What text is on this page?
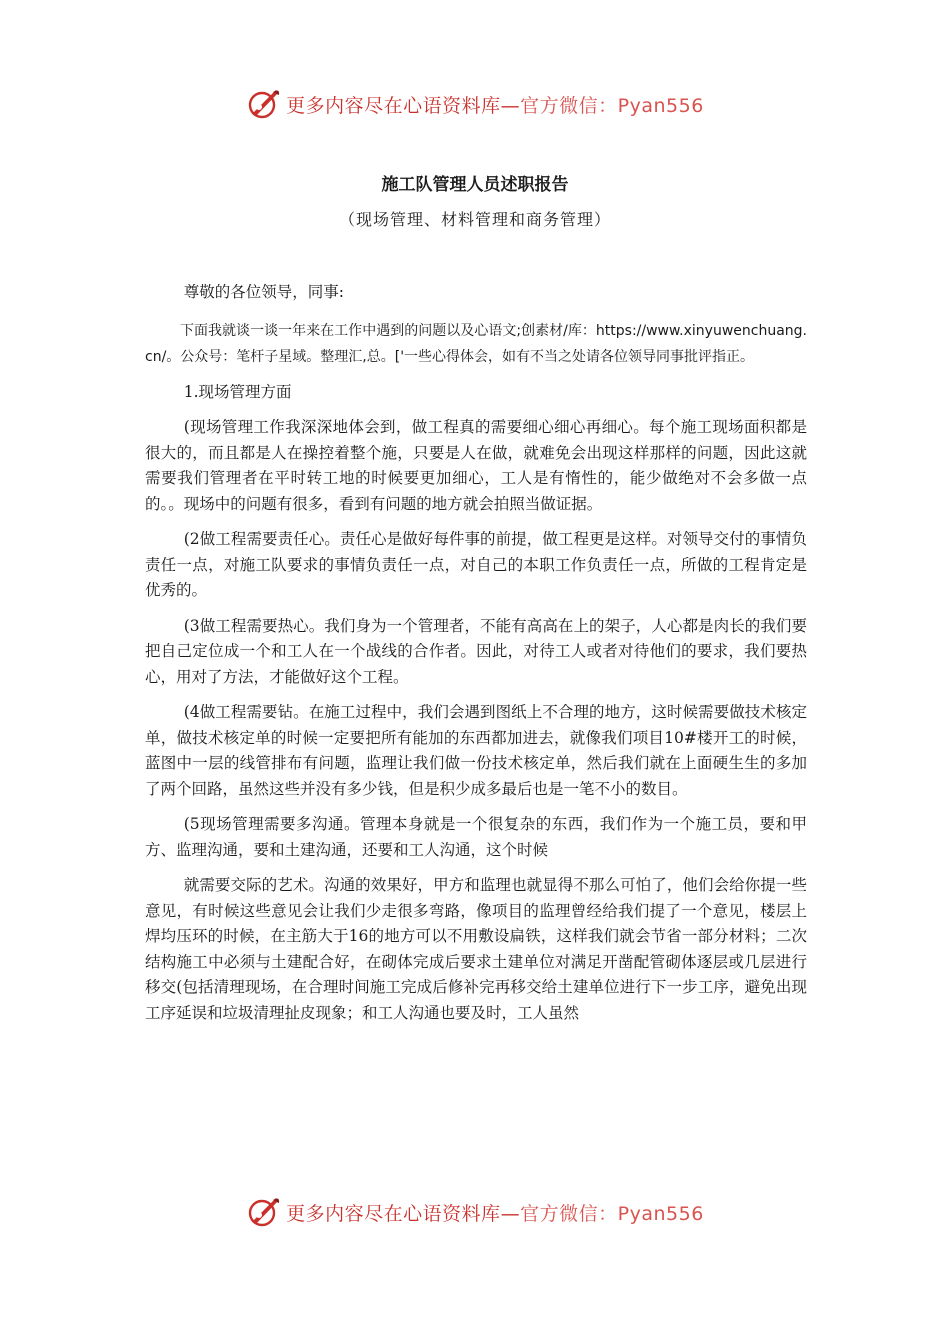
更多内容尽在心语资料库—官方微信：Pyan556
施工队管理人员述职报告

（现场管理、材料管理和商务管理）

尊敬的各位领导，同事:

下面我就谈一谈一年来在工作中遇到的问题以及心语文;创素材/库：https://www.xinyuwenchuang.cn/。公众号：笔杆子星域。整理汇,总。['一些心得体会，如有不当之处请各位领导同事批评指正。

1.现场管理方面

(现场管理工作我深深地体会到，做工程真的需要细心细心再细心。每个施工现场面积都是很大的，而且都是人在操控着整个施，只要是人在做，就难免会出现这样那样的问题，因此这就需要我们管理者在平时转工地的时候要更加细心，工人是有惰性的，能少做绝对不会多做一点的。。现场中的问题有很多，看到有问题的地方就会拍照当做证据。

(2做工程需要责任心。责任心是做好每件事的前提，做工程更是这样。对领导交付的事情负责任一点，对施工队要求的事情负责任一点，对自己的本职工作负责任一点，所做的工程肯定是优秀的。

(3做工程需要热心。我们身为一个管理者，不能有高高在上的架子，人心都是肉长的我们要把自己定位成一个和工人在一个战线的合作者。因此，对待工人或者对待他们的要求，我们要热心，用对了方法，才能做好这个工程。

(4做工程需要钻。在施工过程中，我们会遇到图纸上不合理的地方，这时候需要做技术核定单，做技术核定单的时候一定要把所有能加的东西都加进去，就像我们项目10#楼开工的时候，蓝图中一层的线管排布有问题，监理让我们做一份技术核定单，然后我们就在上面硬生生的多加了两个回路，虽然这些并没有多少钱，但是积少成多最后也是一笔不小的数目。

(5现场管理需要多沟通。管理本身就是一个很复杂的东西，我们作为一个施工员，要和甲方、监理沟通，要和土建沟通，还要和工人沟通，这个时候

就需要交际的艺术。沟通的效果好，甲方和监理也就显得不那么可怕了，他们会给你提一些意见，有时候这些意见会让我们少走很多弯路，像项目的监理曾经给我们提了一个意见，楼层上焊均压环的时候，在主筋大于16的地方可以不用敷设扁铁，这样我们就会节省一部分材料；二次结构施工中必须与土建配合好，在砌体完成后要求土建单位对满足开凿配管砌体逐层或几层进行移交(包括清理现场，在合理时间施工完成后修补完再移交给土建单位进行下一步工序，避免出现工序延误和垃圾清理扯皮现象；和工人沟通也要及时，工人虽然

更多内容尽在心语资料库—官方微信：Pyan556
